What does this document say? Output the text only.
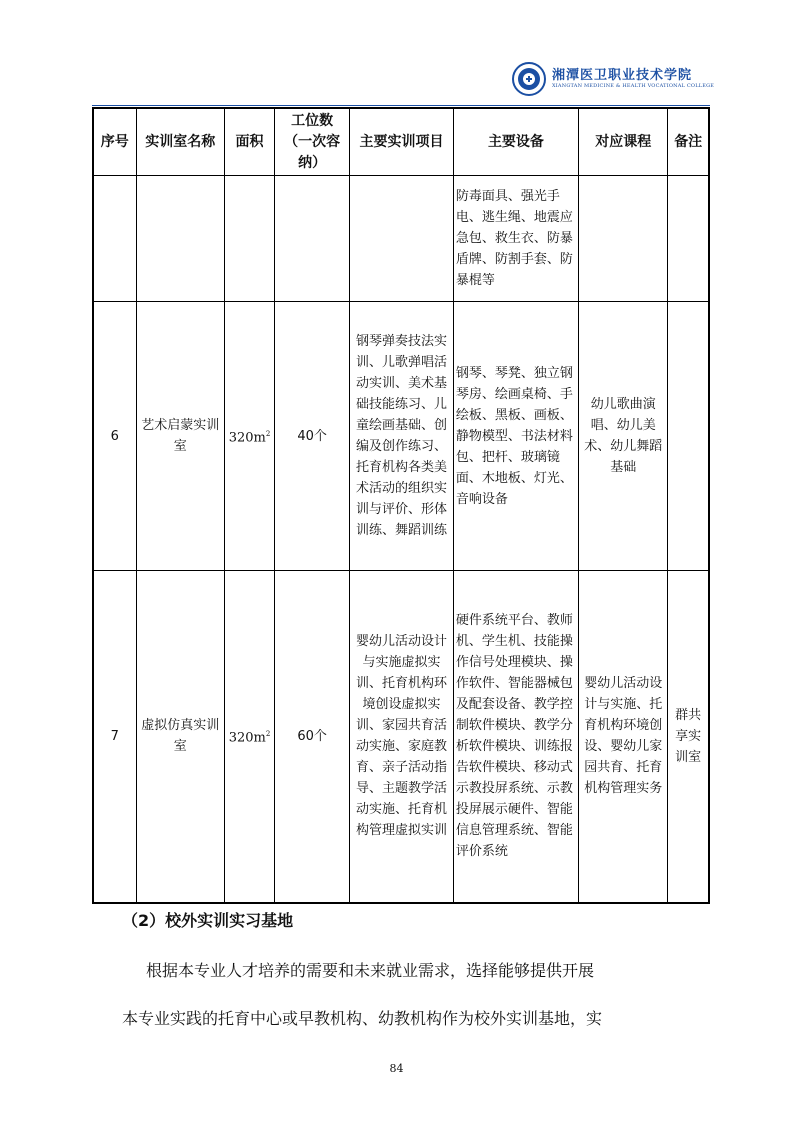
湘潭医卫职业技术学院
XIANGTAN MEDICINE & HEALTH VOCATIONAL COLLEGE
序号	实训室名称	面积	工位数（一次容纳）	主要实训项目	主要设备	对应课程	备注
					防毒面具、强光手电、逃生绳、地震应急包、救生衣、防暴盾牌、防割手套、防暴棍等		
6	艺术启蒙实训室	$320m^2$	40个	钢琴弹奏技法实训、儿歌弹唱活动实训、美术基础技能练习、儿童绘画基础、创编及创作练习、托育机构各类美术活动的组织实训与评价、形体训练、舞蹈训练	钢琴、琴凳、独立钢琴房、绘画桌椅、手绘板、黑板、画板、静物模型、书法材料包、把杆、玻璃镜面、木地板、灯光、音响设备	幼儿歌曲演唱、幼儿美术、幼儿舞蹈基础	
7	虚拟仿真实训室	$320m^2$	60个	婴幼儿活动设计与实施虚拟实训、托育机构环境创设虚拟实训、家园共育活动实施、家庭教育、亲子活动指导、主题教学活动实施、托育机构管理虚拟实训	硬件系统平台、教师机、学生机、技能操作信号处理模块、操作软件、智能器械包及配套设备、教学控制软件模块、教学分析软件模块、训练报告软件模块、移动式示教投屏系统、示教投屏展示硬件、智能信息管理系统、智能评价系统	婴幼儿活动设计与实施、托育机构环境创设、婴幼儿家园共育、托育机构管理实务	群共享实训室
（2）校外实训实习基地
根据本专业人才培养的需要和未来就业需求，选择能够提供开展
本专业实践的托育中心或早教机构、幼教机构作为校外实训基地，实
84
